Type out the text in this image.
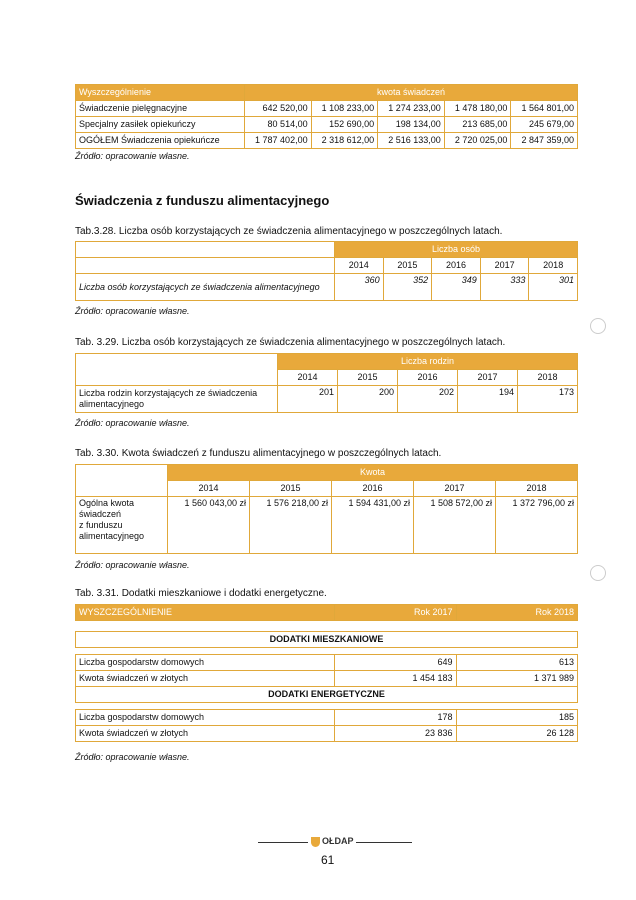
Wyszczególnienie	kwota świadczeń				
Świadczenie pielęgnacyjne	642 520,00	1 108 233,00	1 274 233,00	1 478 180,00	1 564 801,00
Specjalny zasiłek opiekuńczy	80 514,00	152 690,00	198 134,00	213 685,00	245 679,00
OGÓŁEM Świadczenia opiekuńcze	1 787 402,00	2 318 612,00	2 516 133,00	2 720 025,00	2 847 359,00
Źródło: opracowanie własne.
Świadczenia z funduszu alimentacyjnego
Tab.3.28. Liczba osób korzystających ze świadczenia alimentacyjnego w poszczególnych latach.
	Liczba osób				
	2014	2015	2016	2017	2018
Liczba osób korzystających ze świadczenia alimentacyjnego	360	352	349	333	301
Źródło: opracowanie własne.
Tab. 3.29. Liczba osób korzystających ze świadczenia alimentacyjnego w poszczególnych latach.
	Liczba rodzin				
	2014	2015	2016	2017	2018
Liczba rodzin korzystających ze świadczenia alimentacyjnego	201	200	202	194	173
Źródło: opracowanie własne.
Tab. 3.30. Kwota świadczeń z funduszu alimentacyjnego w poszczególnych latach.
	Kwota				
	2014	2015	2016	2017	2018

Ogólna kwota
świadczeń
z funduszu
alimentacyjnego	1 560 043,00 zł	1 576 218,00 zł	1 594 431,00 zł	1 508 572,00 zł	1 372 796,00 zł
Źródło: opracowanie własne.
Tab. 3.31. Dodatki mieszkaniowe i dodatki energetyczne.
WYSZCZEGÓLNIENIE	Rok 2017	Rok 2018

DODATKI MIESZKANIOWE		

Liczba gospodarstw domowych	649	613
Kwota świadczeń w złotych	1 454 183	1 371 989
DODATKI ENERGETYCZNE		

Liczba gospodarstw domowych	178	185
Kwota świadczeń w złotych	23 836	26 128
Źródło: opracowanie własne.
OŁDAP
61
